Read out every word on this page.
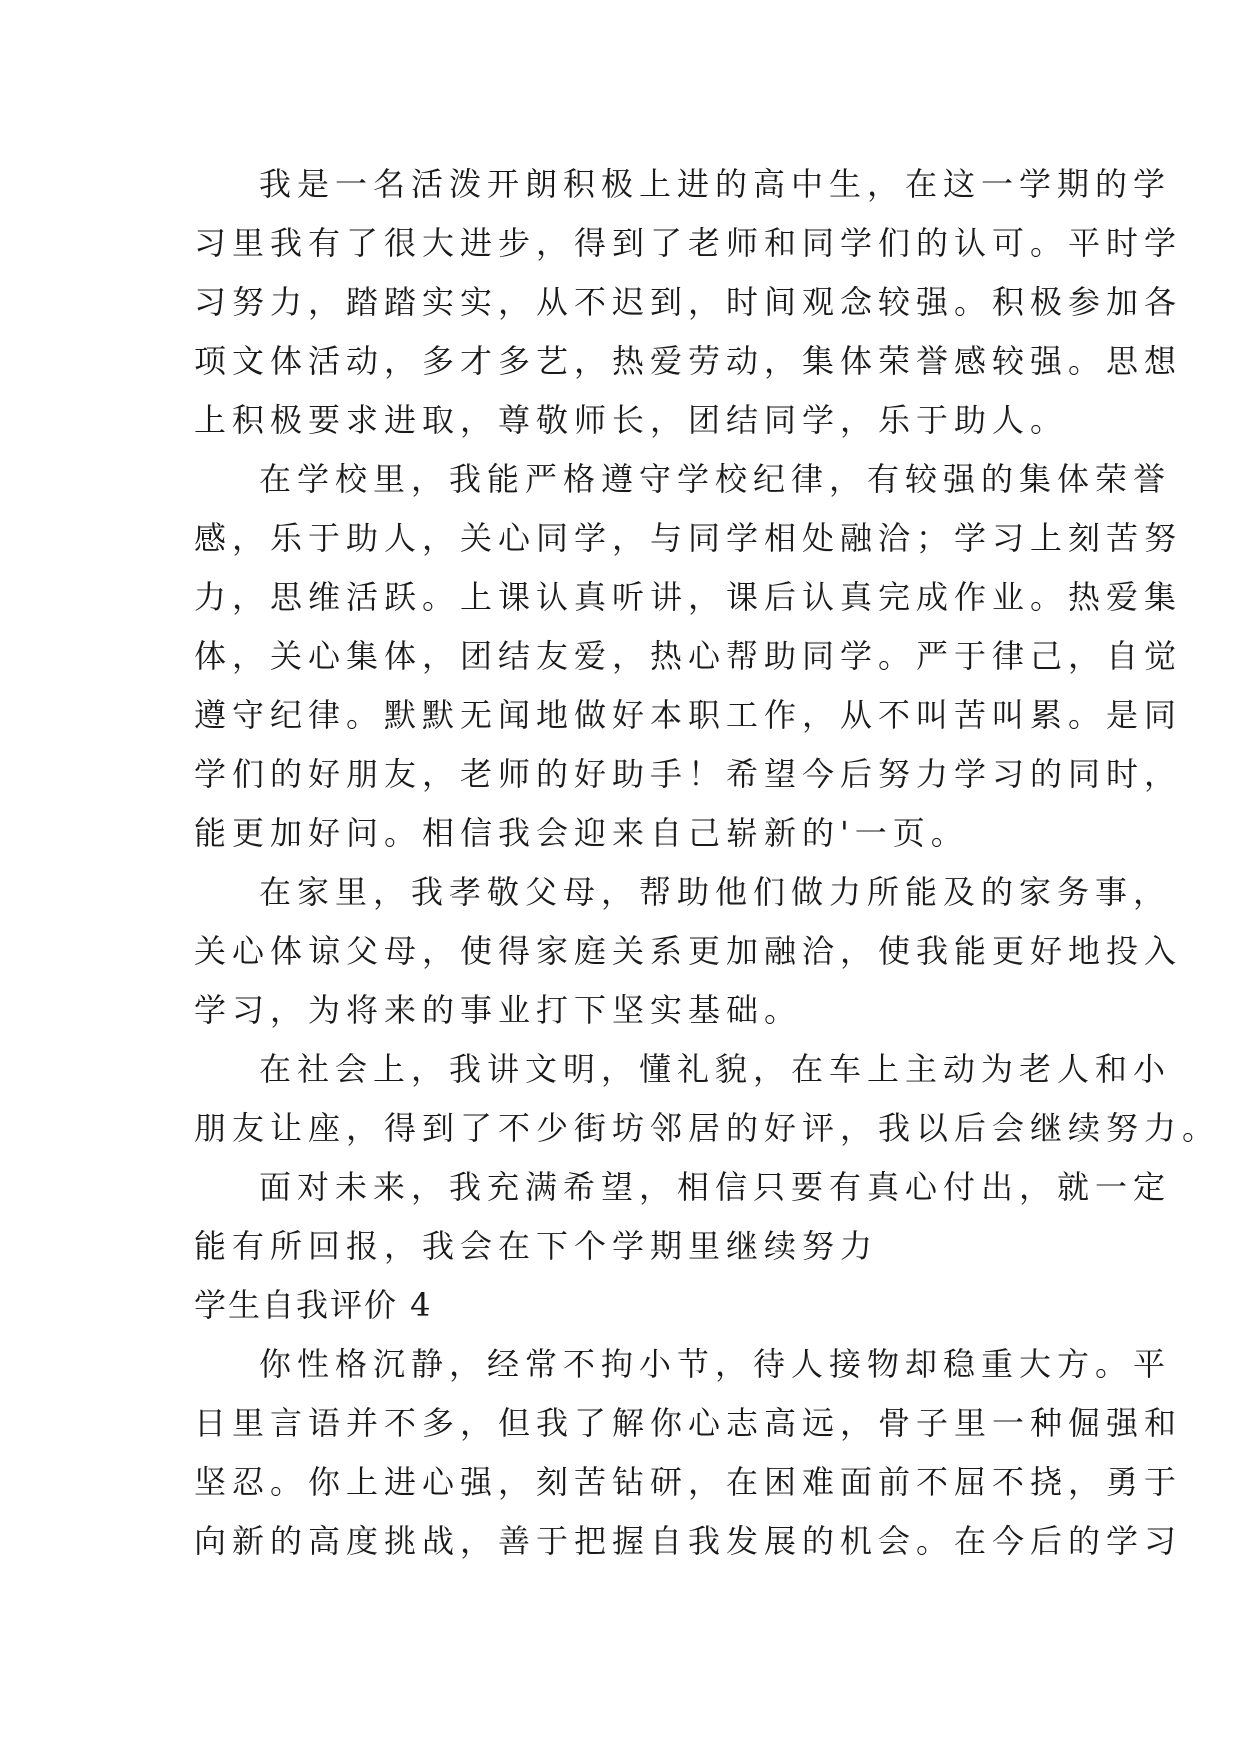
我是一名活泼开朗积极上进的高中生，在这一学期的学
习里我有了很大进步，得到了老师和同学们的认可。平时学
习努力，踏踏实实，从不迟到，时间观念较强。积极参加各
项文体活动，多才多艺，热爱劳动，集体荣誉感较强。思想
上积极要求进取，尊敬师长，团结同学，乐于助人。
在学校里，我能严格遵守学校纪律，有较强的集体荣誉
感，乐于助人，关心同学，与同学相处融洽；学习上刻苦努
力，思维活跃。上课认真听讲，课后认真完成作业。热爱集
体，关心集体，团结友爱，热心帮助同学。严于律己，自觉
遵守纪律。默默无闻地做好本职工作，从不叫苦叫累。是同
学们的好朋友，老师的好助手！希望今后努力学习的同时，
能更加好问。相信我会迎来自己崭新的'一页。
在家里，我孝敬父母，帮助他们做力所能及的家务事，
关心体谅父母，使得家庭关系更加融洽，使我能更好地投入
学习，为将来的事业打下坚实基础。
在社会上，我讲文明，懂礼貌，在车上主动为老人和小
朋友让座，得到了不少街坊邻居的好评，我以后会继续努力。
面对未来，我充满希望，相信只要有真心付出，就一定
能有所回报，我会在下个学期里继续努力
学生自我评价 4
你性格沉静，经常不拘小节，待人接物却稳重大方。平
日里言语并不多，但我了解你心志高远，骨子里一种倔强和
坚忍。你上进心强，刻苦钻研，在困难面前不屈不挠，勇于
向新的高度挑战，善于把握自我发展的机会。在今后的学习
